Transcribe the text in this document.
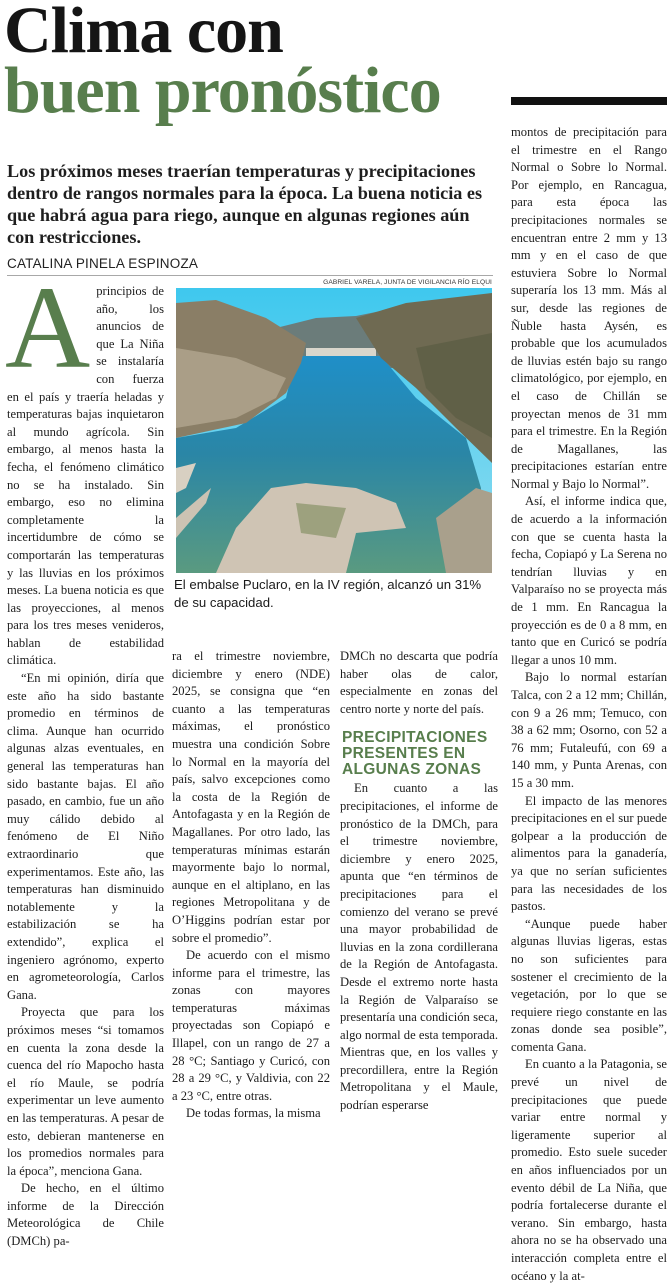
Clima con
buen pronóstico
Los próximos meses traerían temperaturas y precipitaciones dentro de rangos normales para la época. La buena noticia es que habrá agua para riego, aunque en algunas regiones aún con restricciones.
CATALINA PINELA ESPINOZA
GABRIEL VARELA, JUNTA DE VIGILANCIA RÍO ELQUI
El embalse Puclaro, en la IV región, alcanzó un 31% de su capacidad.

Aprincipios de año, los anuncios de que La Niña se instalaría con fuerza en el país y traería heladas y temperaturas bajas inquietaron al mundo agrícola. Sin embargo, al menos hasta la fecha, el fenómeno climático no se ha instalado. Sin embargo, eso no elimina completamente la incertidumbre de cómo se comportarán las temperaturas y las lluvias en los próximos meses. La buena noticia es que las proyecciones, al menos para los tres meses venideros, hablan de estabilidad climática.

“En mi opinión, diría que este año ha sido bastante promedio en términos de clima. Aunque han ocurrido algunas alzas eventuales, en general las temperaturas han sido bastante bajas. El año pasado, en cambio, fue un año muy cálido debido al fenómeno de El Niño extraordinario que experimentamos. Este año, las temperaturas han disminuido notablemente y la estabilización se ha extendido”, explica el ingeniero agrónomo, experto en agrometeorología, Carlos Gana.

Proyecta que para los próximos meses “si tomamos en cuenta la zona desde la cuenca del río Mapocho hasta el río Maule, se podría experimentar un leve aumento en las temperaturas. A pesar de esto, debieran mantenerse en los promedios normales para la época”, menciona Gana.

De hecho, en el último informe de la Dirección Meteorológica de Chile (DMCh) pa-

ra el trimestre noviembre, diciembre y enero (NDE) 2025, se consigna que “en cuanto a las temperaturas máximas, el pronóstico muestra una condición Sobre lo Normal en la mayoría del país, salvo excepciones como la costa de la Región de Antofagasta y en la Región de Magallanes. Por otro lado, las temperaturas mínimas estarán mayormente bajo lo normal, aunque en el altiplano, en las regiones Metropolitana y de O’Higgins podrían estar por sobre el promedio”.

De acuerdo con el mismo informe para el trimestre, las zonas con mayores temperaturas máximas proyectadas son Copiapó e Illapel, con un rango de 27 a 28 °C; Santiago y Curicó, con 28 a 29 °C, y Valdivia, con 22 a 23 °C, entre otras.

De todas formas, la misma

DMCh no descarta que podría haber olas de calor, especialmente en zonas del centro norte y norte del país.

PRECIPITACIONES PRESENTES EN ALGUNAS ZONAS

En cuanto a las precipitaciones, el informe de pronóstico de la DMCh, para el trimestre noviembre, diciembre y enero 2025, apunta que “en términos de precipitaciones para el comienzo del verano se prevé una mayor probabilidad de lluvias en la zona cordillerana de la Región de Antofagasta. Desde el extremo norte hasta la Región de Valparaíso se presentaría una condición seca, algo normal de esta temporada. Mientras que, en los valles y precordillera, entre la Región Metropolitana y el Maule, podrían esperarse

montos de precipitación para el trimestre en el Rango Normal o Sobre lo Normal. Por ejemplo, en Rancagua, para esta época las precipitaciones normales se encuentran entre 2 mm y 13 mm y en el caso de que estuviera Sobre lo Normal superaría los 13 mm. Más al sur, desde las regiones de Ñuble hasta Aysén, es probable que los acumulados de lluvias estén bajo su rango climatológico, por ejemplo, en el caso de Chillán se proyectan menos de 31 mm para el trimestre. En la Región de Magallanes, las precipitaciones estarían entre Normal y Bajo lo Normal”.

Así, el informe indica que, de acuerdo a la información con que se cuenta hasta la fecha, Copiapó y La Serena no tendrían lluvias y en Valparaíso no se proyecta más de 1 mm. En Rancagua la proyección es de 0 a 8 mm, en tanto que en Curicó se podría llegar a unos 10 mm.

Bajo lo normal estarían Talca, con 2 a 12 mm; Chillán, con 9 a 26 mm; Temuco, con 38 a 62 mm; Osorno, con 52 a 76 mm; Futaleufú, con 69 a 140 mm, y Punta Arenas, con 15 a 30 mm.

El impacto de las menores precipitaciones en el sur puede golpear a la producción de alimentos para la ganadería, ya que no serían suficientes para las necesidades de los pastos.

“Aunque puede haber algunas lluvias ligeras, estas no son suficientes para sostener el crecimiento de la vegetación, por lo que se requiere riego constante en las zonas donde sea posible”, comenta Gana.

En cuanto a la Patagonia, se prevé un nivel de precipitaciones que puede variar entre normal y ligeramente superior al promedio. Esto suele suceder en años influenciados por un evento débil de La Niña, que podría fortalecerse durante el verano. Sin embargo, hasta ahora no se ha observado una interacción completa entre el océano y la at-
